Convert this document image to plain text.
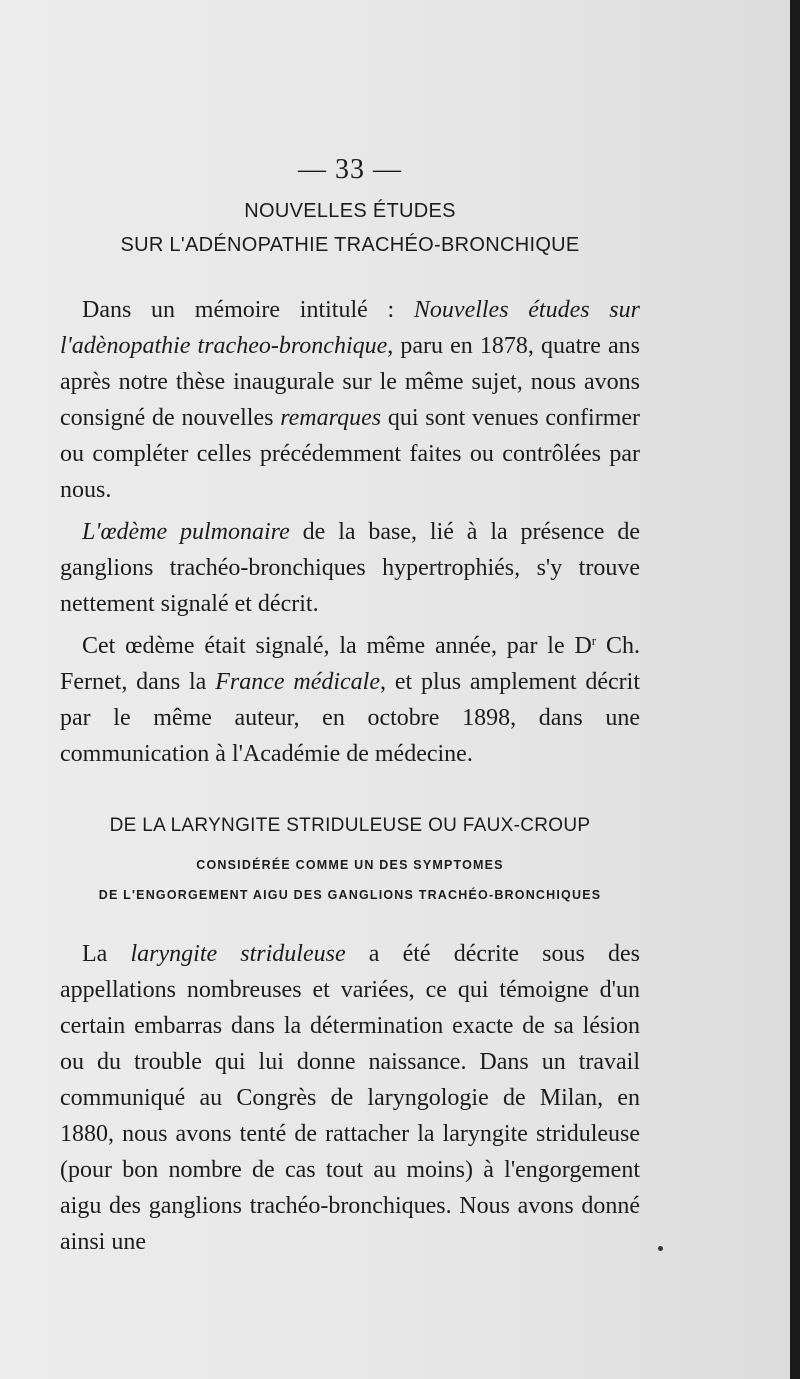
— 33 —

NOUVELLES ÉTUDES

SUR L'ADÉNOPATHIE TRACHÉO-BRONCHIQUE

Dans un mémoire intitulé : Nouvelles études sur l'adènopathie tracheo-bronchique, paru en 1878, quatre ans après notre thèse inaugurale sur le même sujet, nous avons consigné de nouvelles remarques qui sont venues confirmer ou compléter celles précédemment faites ou contrôlées par nous.

L'œdème pulmonaire de la base, lié à la présence de ganglions trachéo-bronchiques hypertrophiés, s'y trouve nettement signalé et décrit.

Cet œdème était signalé, la même année, par le $D^r$ Ch. Fernet, dans la France médicale, et plus amplement décrit par le même auteur, en octobre 1898, dans une communication à l'Académie de médecine.

DE LA LARYNGITE STRIDULEUSE OU FAUX-CROUP

CONSIDÉRÉE COMME UN DES SYMPTOMES

DE L'ENGORGEMENT AIGU DES GANGLIONS TRACHÉO-BRONCHIQUES

La laryngite striduleuse a été décrite sous des appellations nombreuses et variées, ce qui témoigne d'un certain embarras dans la détermination exacte de sa lésion ou du trouble qui lui donne naissance. Dans un travail communiqué au Congrès de laryngologie de Milan, en 1880, nous avons tenté de rattacher la laryngite striduleuse (pour bon nombre de cas tout au moins) à l'engorgement aigu des ganglions trachéo-bronchiques. Nous avons donné ainsi une
